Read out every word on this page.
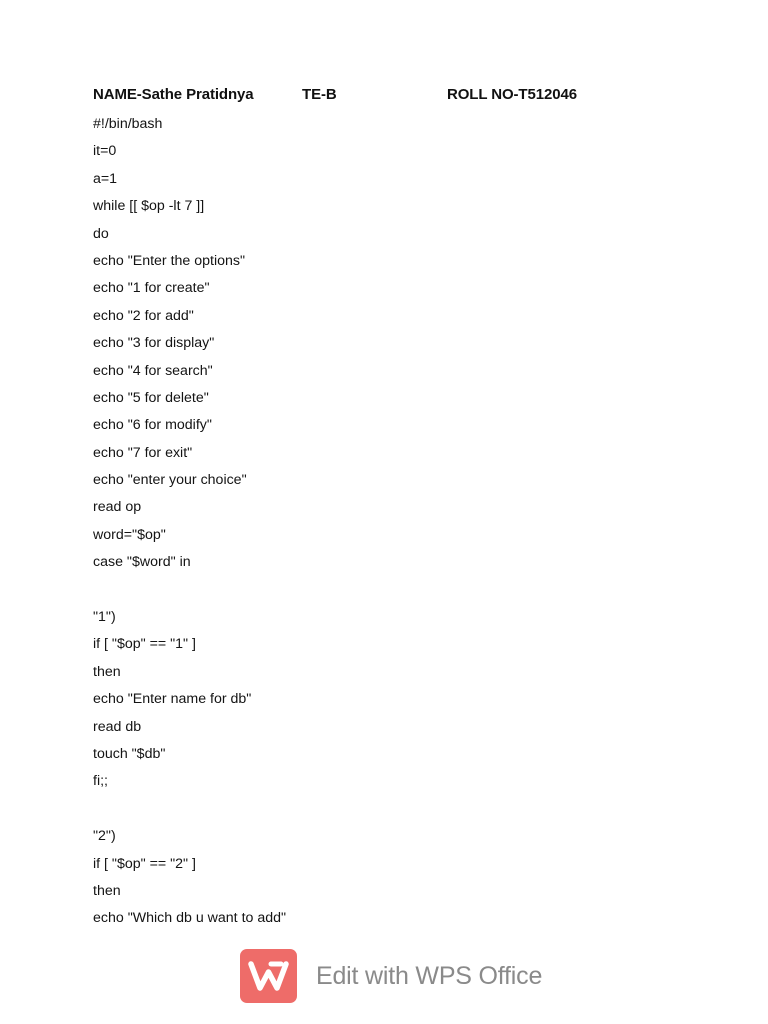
NAME-Sathe Pratidnya	TE-B	ROLL NO-T512046
#!/bin/bash
it=0
a=1
while [[ $op -lt 7 ]]
do
echo "Enter the options"
echo "1 for create"
echo "2 for add"
echo "3 for display"
echo "4 for search"
echo "5 for delete"
echo "6 for modify"
echo "7 for exit"
echo "enter your choice"
read op
word="$op"
case "$word" in
"1")
if [ "$op" == "1" ]
then
echo "Enter name for db"
read db
touch "$db"
fi;;
"2")
if [ "$op" == "2" ]
then
echo "Which db u want to add"
Edit with WPS Office
